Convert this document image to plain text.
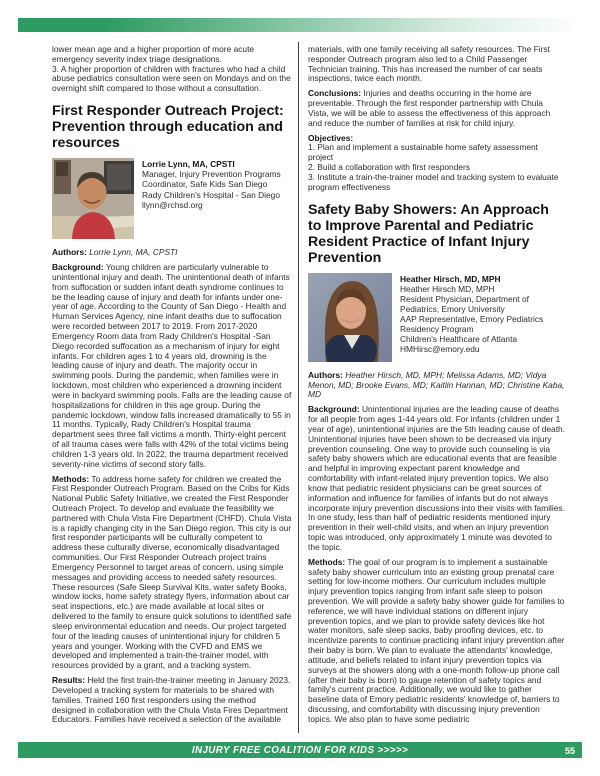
lower mean age and a higher proportion of more acute emergency severity index triage designations.
3. A higher proportion of children with fractures who had a child abuse pediatrics consultation were seen on Mondays and on the overnight shift compared to those without a consultation.

First Responder Outreach Project: Prevention through education and resources
Lorrie Lynn, MA, CPSTI
Manager, Injury Prevention Programs
Coordinator, Safe Kids San Diego
Rady Children's Hospital - San Diego
llynn@rchsd.org

Authors: Lorrie Lynn, MA, CPSTI

Background: Young children are particularly vulnerable to unintentional injury and death. The unintentional death of infants from suffocation or sudden infant death syndrome continues to be the leading cause of injury and death for infants under one-year of age. According to the County of San Diego - Health and Human Services Agency, nine infant deaths due to suffocation were recorded between 2017 to 2019. From 2017-2020 Emergency Room data from Rady Children's Hospital -San Diego recorded suffocation as a mechanism of injury for eight infants. For children ages 1 to 4 years old, drowning is the leading cause of injury and death. The majority occur in swimming pools. During the pandemic, when families were in lockdown, most children who experienced a drowning incident were in backyard swimming pools. Falls are the leading cause of hospitalizations for children in this age group. During the pandemic lockdown, window falls increased dramatically to 55 in 11 months. Typically, Rady Children's Hospital trauma department sees three fall victims a month. Thirty-eight percent of all trauma cases were falls with 42% of the total victims being children 1-3 years old. In 2022, the trauma department received seventy-nine victims of second story falls.

Methods: To address home safety for children we created the First Responder Outreach Program. Based on the Cribs for Kids National Public Safety Initiative, we created the First Responder Outreach Project. To develop and evaluate the feasibility we partnered with Chula Vista Fire Department (CHFD). Chula Vista is a rapidly changing city in the San Diego region. This city is our first responder participants will be culturally competent to address these culturally diverse, economically disadvantaged communities. Our First Responder Outreach project trains Emergency Personnel to target areas of concern, using simple messages and providing access to needed safety resources. These resources (Safe Sleep Survival Kits, water safety Books, window locks, home safety strategy flyers, information about car seat inspections, etc.) are made available at local sites or delivered to the family to ensure quick solutions to identified safe sleep environmental education and needs. Our project targeted four of the leading causes of unintentional injury for children 5 years and younger. Working with the CVFD and EMS we developed and implemented a train-the-trainer model, with resources provided by a grant, and a tracking system.

Results: Held the first train-the-trainer meeting in January 2023. Developed a tracking system for materials to be shared with families. Trained 160 first responders using the method designed in collaboration with the Chula Vista Fires Department Educators. Families have received a selection of the available

materials, with one family receiving all safety resources. The First responder Outreach program also led to a Child Passenger Technician training. This has increased the number of car seats inspections, twice each month.

Conclusions: Injuries and deaths occurring in the home are preventable. Through the first responder partnership with Chula Vista, we will be able to assess the effectiveness of this approach and reduce the number of families at risk for child injury.

Objectives:
1. Plan and implement a sustainable home safety assessment project
2. Build a collaboration with first responders
3. Institute a train-the-trainer model and tracking system to evaluate program effectiveness
Safety Baby Showers: An Approach to Improve Parental and Pediatric Resident Practice of Infant Injury Prevention
Heather Hirsch, MD, MPH
Heather Hirsch MD, MPH
Resident Physician, Department of Pediatrics, Emory University
AAP Representative, Emory Pediatrics Residency Program
Children's Healthcare of Atlanta
HMHirsc@emory.edu

Authors: Heather Hirsch, MD, MPH; Melissa Adams, MD; Vidya Menon, MD; Brooke Evans, MD; Kaitlin Hannan, MD; Christine Kaba, MD

Background: Unintentional injuries are the leading cause of deaths for all people from ages 1-44 years old. For infants (children under 1 year of age), unintentional injuries are the 5th leading cause of death. Unintentional injuries have been shown to be decreased via injury prevention counseling. One way to provide such counseling is via safety baby showers which are educational events that are feasible and helpful in improving expectant parent knowledge and comfortability with infant-related injury prevention topics. We also know that pediatric resident physicians can be great sources of information and influence for families of infants but do not always incorporate injury prevention discussions into their visits with families. In one study, less than half of pediatric residents mentioned injury prevention in their well-child visits, and when an injury prevention topic was introduced, only approximately 1 minute was devoted to the topic.

Methods: The goal of our program is to implement a sustainable safety baby shower curriculum into an existing group prenatal care setting for low-income mothers. Our curriculum includes multiple injury prevention topics ranging from infant safe sleep to poison prevention. We will provide a safety baby shower guide for families to reference, we will have individual stations on different injury prevention topics, and we plan to provide safety devices like hot water monitors, safe sleep sacks, baby proofing devices, etc. to incentivize parents to continue practicing infant injury prevention after their baby is born. We plan to evaluate the attendants' knowledge, attitude, and beliefs related to infant injury prevention topics via surveys at the showers along with a one-month follow-up phone call (after their baby is born) to gauge retention of safety topics and family's current practice. Additionally, we would like to gather baseline data of Emory pediatric residents' knowledge of, barriers to discussing, and comfortability with discussing injury prevention topics. We also plan to have some pediatric

INJURY FREE COALITION FOR KIDS >>>>>	55
